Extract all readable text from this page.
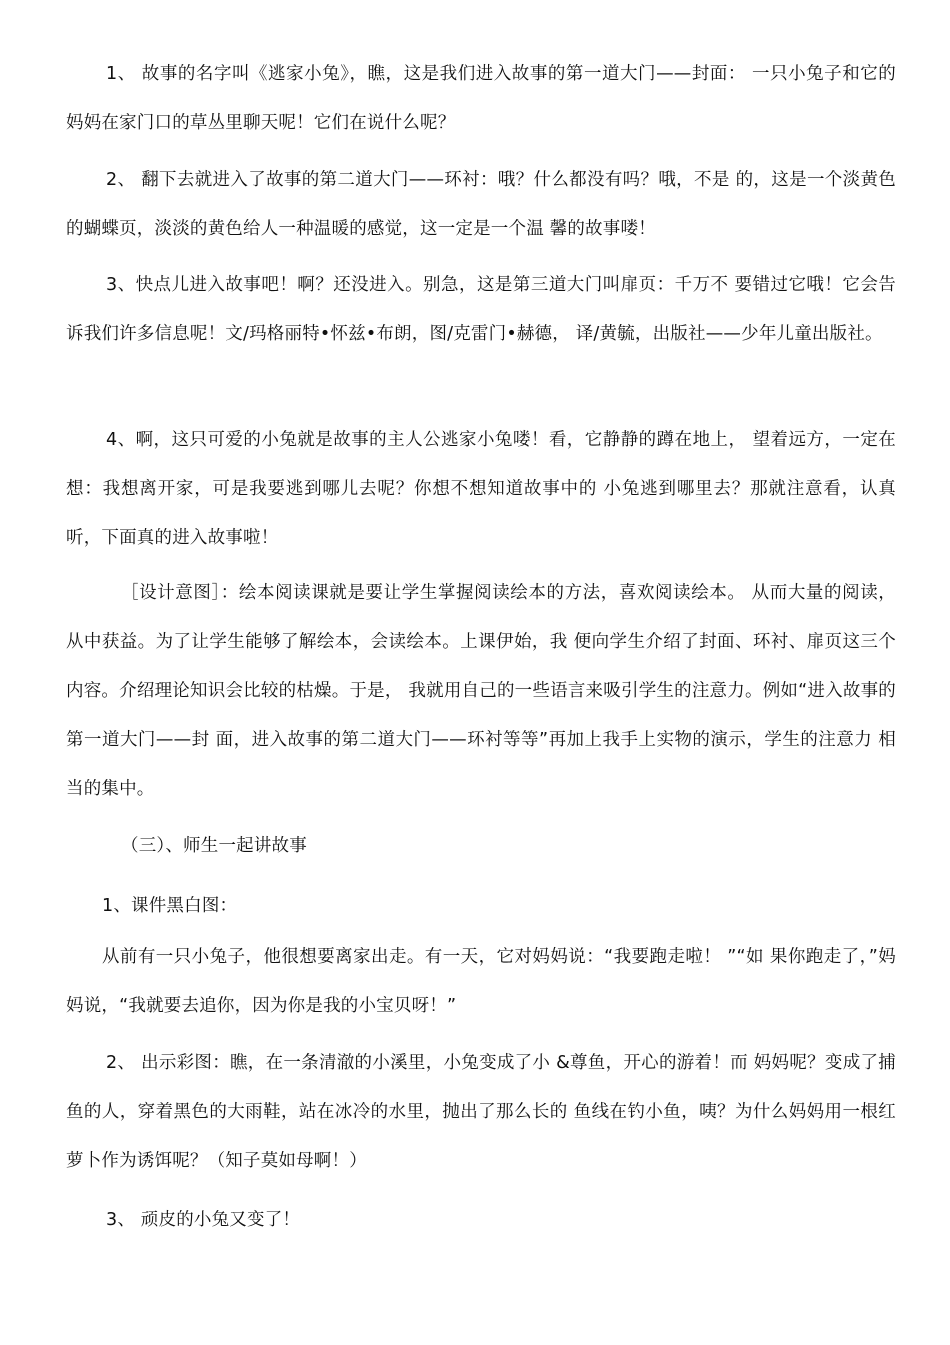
1、 故事的名字叫《逃家小兔》，瞧，这是我们进入故事的第一道大门——封面： 一只小兔子和它的妈妈在家门口的草丛里聊天呢！它们在说什么呢？

2、 翻下去就进入了故事的第二道大门——环衬：哦？什么都没有吗？哦，不是 的，这是一个淡黄色的蝴蝶页，淡淡的黄色给人一种温暖的感觉，这一定是一个温 馨的故事喽！

3、快点儿进入故事吧！啊？还没进入。别急，这是第三道大门叫扉页：千万不 要错过它哦！它会告诉我们许多信息呢！文/玛格丽特•怀兹•布朗，图/克雷门•赫德， 译/黄毓，出版社——少年儿童出版社。

4、啊，这只可爱的小兔就是故事的主人公逃家小兔喽！看，它静静的蹲在地上， 望着远方，一定在想：我想离开家，可是我要逃到哪儿去呢？你想不想知道故事中的 小兔逃到哪里去？那就注意看，认真听，下面真的进入故事啦！

［设计意图］：绘本阅读课就是要让学生掌握阅读绘本的方法，喜欢阅读绘本。 从而大量的阅读，从中获益。为了让学生能够了解绘本，会读绘本。上课伊始，我 便向学生介绍了封面、环衬、扉页这三个内容。介绍理论知识会比较的枯燥。于是， 我就用自己的一些语言来吸引学生的注意力。例如“进入故事的第一道大门——封 面，进入故事的第二道大门——环衬等等”再加上我手上实物的演示，学生的注意力 相当的集中。

（三）、师生一起讲故事

1、课件黑白图：

从前有一只小兔子，他很想要离家出走。有一天，它对妈妈说：“我要跑走啦！ ”“如 果你跑走了，”妈妈说，“我就要去追你，因为你是我的小宝贝呀！”

2、 出示彩图：瞧，在一条清澈的小溪里，小兔变成了小 &尊鱼，开心的游着！而 妈妈呢？变成了捕鱼的人，穿着黑色的大雨鞋，站在冰冷的水里，抛出了那么长的 鱼线在钓小鱼，咦？为什么妈妈用一根红萝卜作为诱饵呢？（知子莫如母啊！）

3、 顽皮的小兔又变了！
